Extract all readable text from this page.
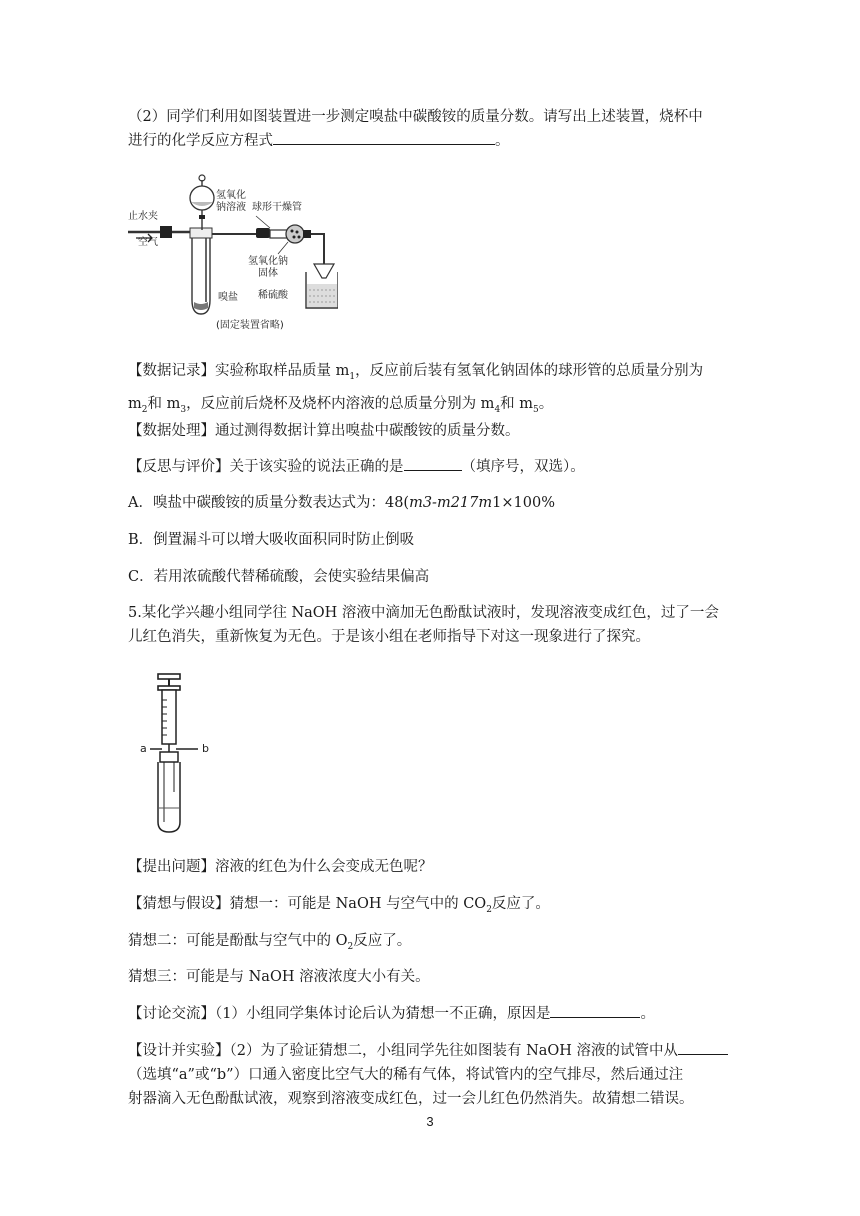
（2）同学们利用如图装置进一步测定嗅盐中碳酸铵的质量分数。请写出上述装置，烧杯中

进行的化学反应方程式	。

止水夹
空气
嗅盐
氢氧化
钠溶液 球形干燥管
氢氧化钠
固体
稀硫酸
(固定装置省略)

【数据记录】实验称取样品质量 $m_1$，反应前后装有氢氧化钠固体的球形管的总质量分别为
$m_2$和 $m_3$，反应前后烧杯及烧杯内溶液的总质量分别为 $m_4$和 $m_5$。

【数据处理】通过测得数据计算出嗅盐中碳酸铵的质量分数。

【反思与评价】关于该实验的说法正确的是	（填序号，双选）。

A．嗅盐中碳酸铵的质量分数表达式为：48(m3-m217m1×100%

B．倒置漏斗可以增大吸收面积同时防止倒吸

C．若用浓硫酸代替稀硫酸，会使实验结果偏高

5.某化学兴趣小组同学往 NaOH 溶液中滴加无色酚酞试液时，发现溶液变成红色，过了一会

儿红色消失，重新恢复为无色。于是该小组在老师指导下对这一现象进行了探究。

a	b

【提出问题】溶液的红色为什么会变成无色呢？

【猜想与假设】猜想一：可能是 NaOH 与空气中的 $CO_2$反应了。

猜想二：可能是酚酞与空气中的 $O_2$反应了。

猜想三：可能是与 NaOH 溶液浓度大小有关。

【讨论交流】（1）小组同学集体讨论后认为猜想一不正确，原因是	。

【设计并实验】（2）为了验证猜想二，小组同学先往如图装有 NaOH 溶液的试管中从

（选填“a”或“b”）口通入密度比空气大的稀有气体，将试管内的空气排尽，然后通过注

射器滴入无色酚酞试液，观察到溶液变成红色，过一会儿红色仍然消失。故猜想二错误。

3
